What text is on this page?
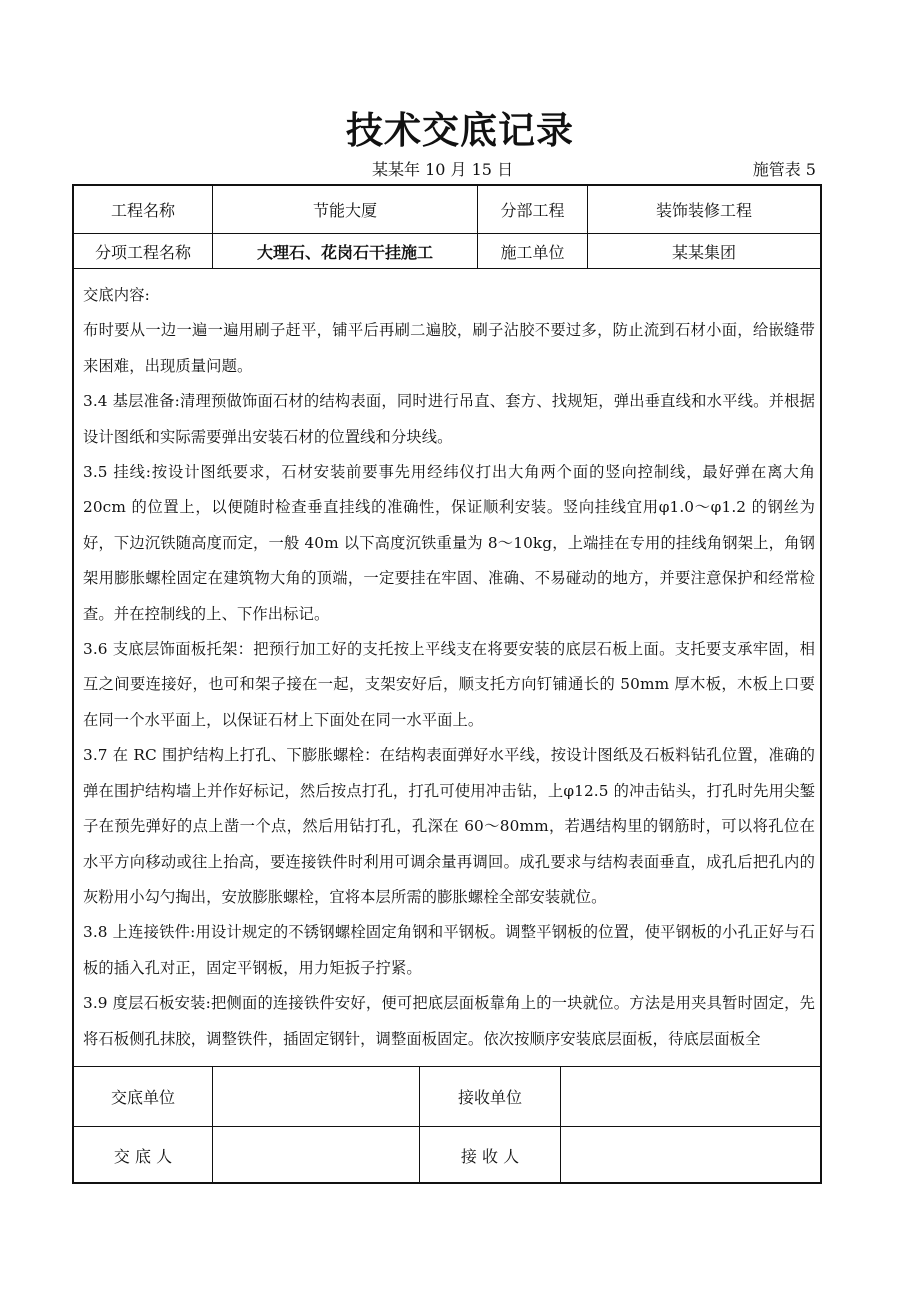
技术交底记录
某某年 10 月 15 日	施管表 5
工程名称	节能大厦	分部工程	装饰装修工程
分项工程名称	大理石、花岗石干挂施工	施工单位	某某集团

交底内容:

布时要从一边一遍一遍用刷子赶平，铺平后再刷二遍胶，刷子沾胶不要过多，防止流到石材小面，给嵌缝带来困难，出现质量问题。

3.4 基层准备:清理预做饰面石材的结构表面，同时进行吊直、套方、找规矩，弹出垂直线和水平线。并根据设计图纸和实际需要弹出安装石材的位置线和分块线。

3.5 挂线:按设计图纸要求，石材安装前要事先用经纬仪打出大角两个面的竖向控制线，最好弹在离大角 20cm 的位置上，以便随时检查垂直挂线的准确性，保证顺利安装。竖向挂线宜用φ1.0～φ1.2 的钢丝为好，下边沉铁随高度而定，一般 40m 以下高度沉铁重量为 8～10kg，上端挂在专用的挂线角钢架上，角钢架用膨胀螺栓固定在建筑物大角的顶端，一定要挂在牢固、准确、不易碰动的地方，并要注意保护和经常检查。并在控制线的上、下作出标记。

3.6 支底层饰面板托架：把预行加工好的支托按上平线支在将要安装的底层石板上面。支托要支承牢固，相互之间要连接好，也可和架子接在一起，支架安好后，顺支托方向钉铺通长的 50mm 厚木板，木板上口要在同一个水平面上，以保证石材上下面处在同一水平面上。

3.7 在 RC 围护结构上打孔、下膨胀螺栓：在结构表面弹好水平线，按设计图纸及石板料钻孔位置，准确的弹在围护结构墙上并作好标记，然后按点打孔，打孔可使用冲击钻，上φ12.5 的冲击钻头，打孔时先用尖錾子在预先弹好的点上凿一个点，然后用钻打孔，孔深在 60～80mm，若遇结构里的钢筋时，可以将孔位在水平方向移动或往上抬高，要连接铁件时利用可调余量再调回。成孔要求与结构表面垂直，成孔后把孔内的灰粉用小勾勺掏出，安放膨胀螺栓，宜将本层所需的膨胀螺栓全部安装就位。

3.8 上连接铁件:用设计规定的不锈钢螺栓固定角钢和平钢板。调整平钢板的位置，使平钢板的小孔正好与石板的插入孔对正，固定平钢板，用力矩扳子拧紧。

3.9 度层石板安装:把侧面的连接铁件安好，便可把底层面板靠角上的一块就位。方法是用夹具暂时固定，先将石板侧孔抹胶，调整铁件，插固定钢针，调整面板固定。依次按顺序安装底层面板，待底层面板全

交底单位	接收单位
交 底 人	接 收 人
